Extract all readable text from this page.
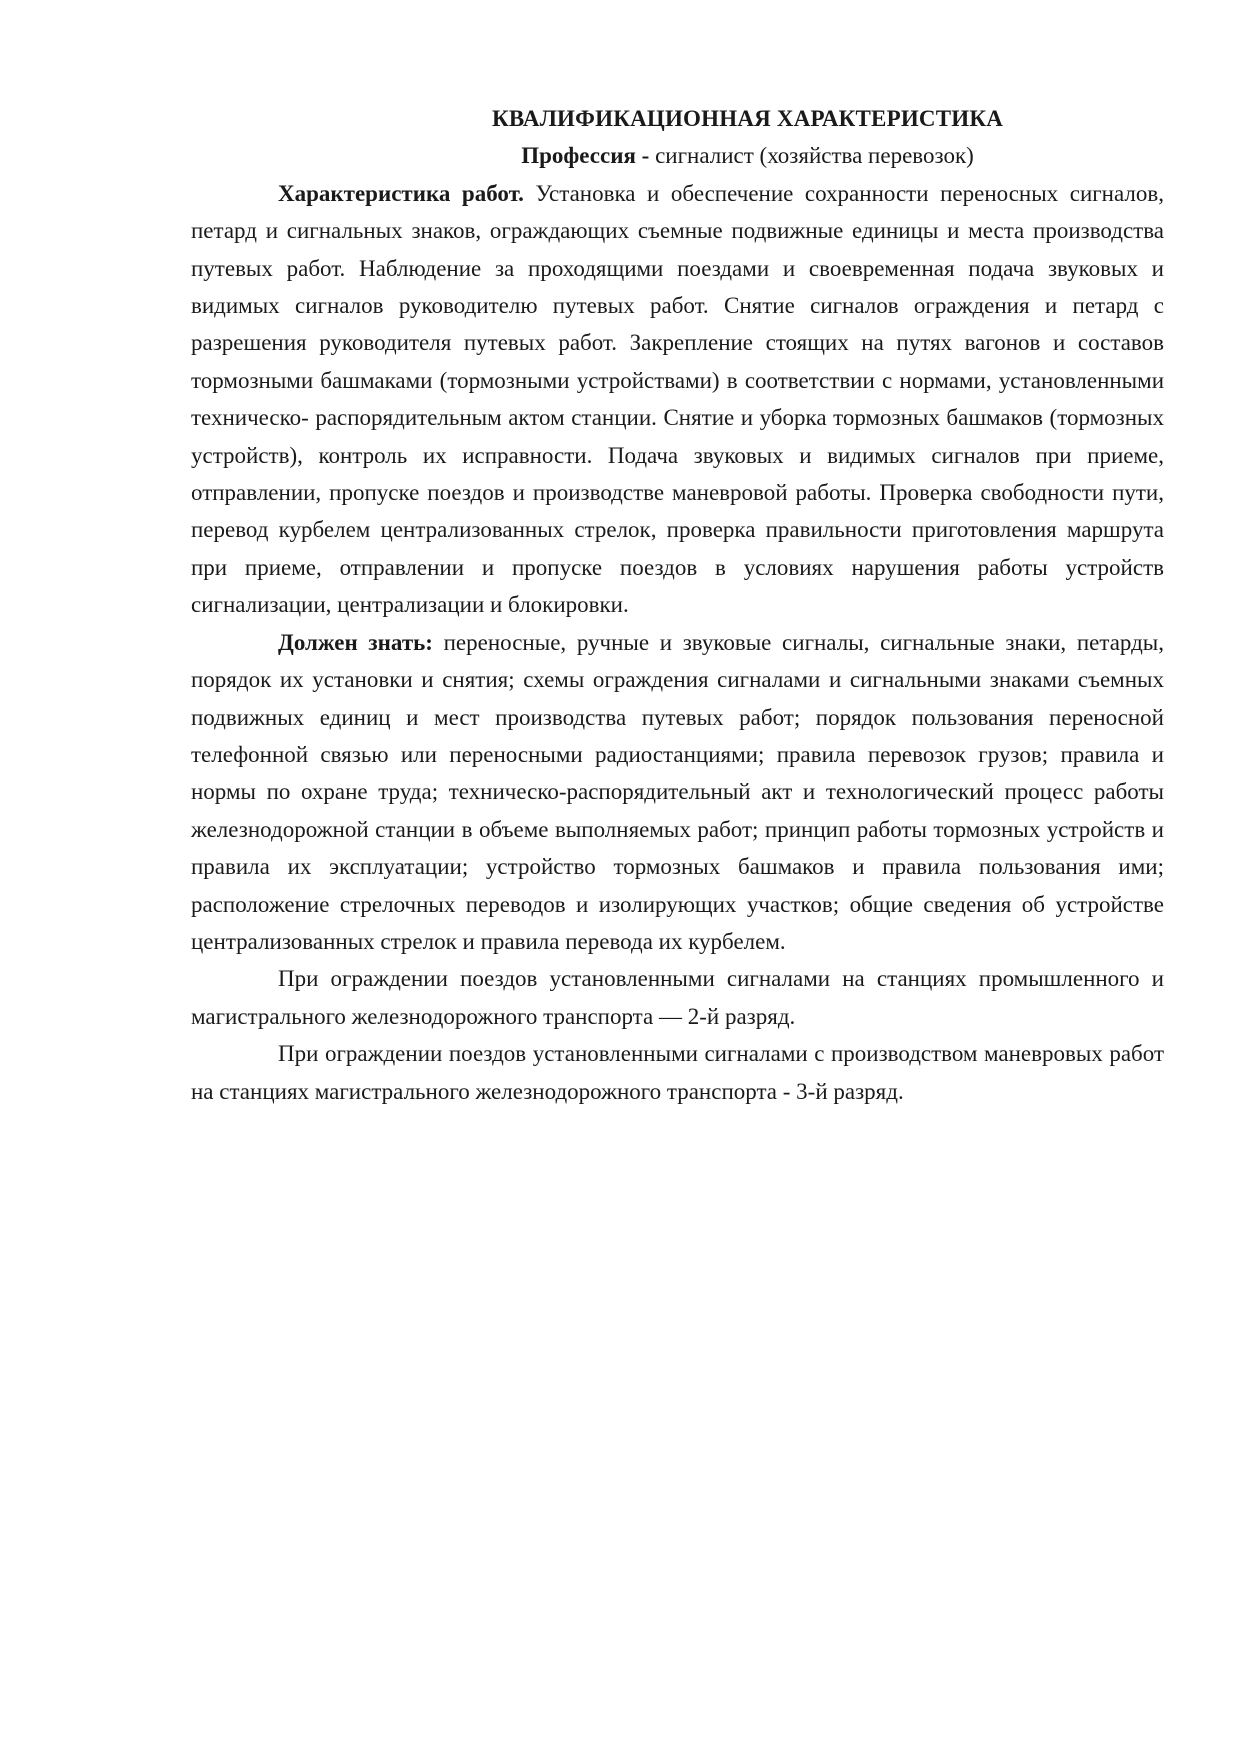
КВАЛИФИКАЦИОННАЯ ХАРАКТЕРИСТИКА

Профессия - сигналист (хозяйства перевозок)

Характеристика работ. Установка и обеспечение сохранности переносных сигналов, петард и сигнальных знаков, ограждающих съемные подвижные единицы и места производства путевых работ. Наблюдение за проходящими поездами и своевременная подача звуковых и видимых сигналов руководителю путевых работ. Снятие сигналов ограждения и петард с разрешения руководителя путевых работ. Закрепление стоящих на путях вагонов и составов тормозными башмаками (тормозными устройствами) в соответствии с нормами, установленными техническо- распорядительным актом станции. Снятие и уборка тормозных башмаков (тормозных устройств), контроль их исправности. Подача звуковых и видимых сигналов при приеме, отправлении, пропуске поездов и производстве маневровой работы. Проверка свободности пути, перевод курбелем централизованных стрелок, проверка правильности приготовления маршрута при приеме, отправлении и пропуске поездов в условиях нарушения работы устройств сигнализации, централизации и блокировки.

Должен знать: переносные, ручные и звуковые сигналы, сигнальные знаки, петарды, порядок их установки и снятия; схемы ограждения сигналами и сигнальными знаками съемных подвижных единиц и мест производства путевых работ; порядок пользования переносной телефонной связью или переносными радиостанциями; правила перевозок грузов; правила и нормы по охране труда; техническо-распорядительный акт и технологический процесс работы железнодорожной станции в объеме выполняемых работ; принцип работы тормозных устройств и правила их эксплуатации; устройство тормозных башмаков и правила пользования ими; расположение стрелочных переводов и изолирующих участков; общие сведения об устройстве централизованных стрелок и правила перевода их курбелем.

При ограждении поездов установленными сигналами на станциях промышленного и магистрального железнодорожного транспорта — 2-й разряд.

При ограждении поездов установленными сигналами с производством маневровых работ на станциях магистрального железнодорожного транспорта - 3-й разряд.
